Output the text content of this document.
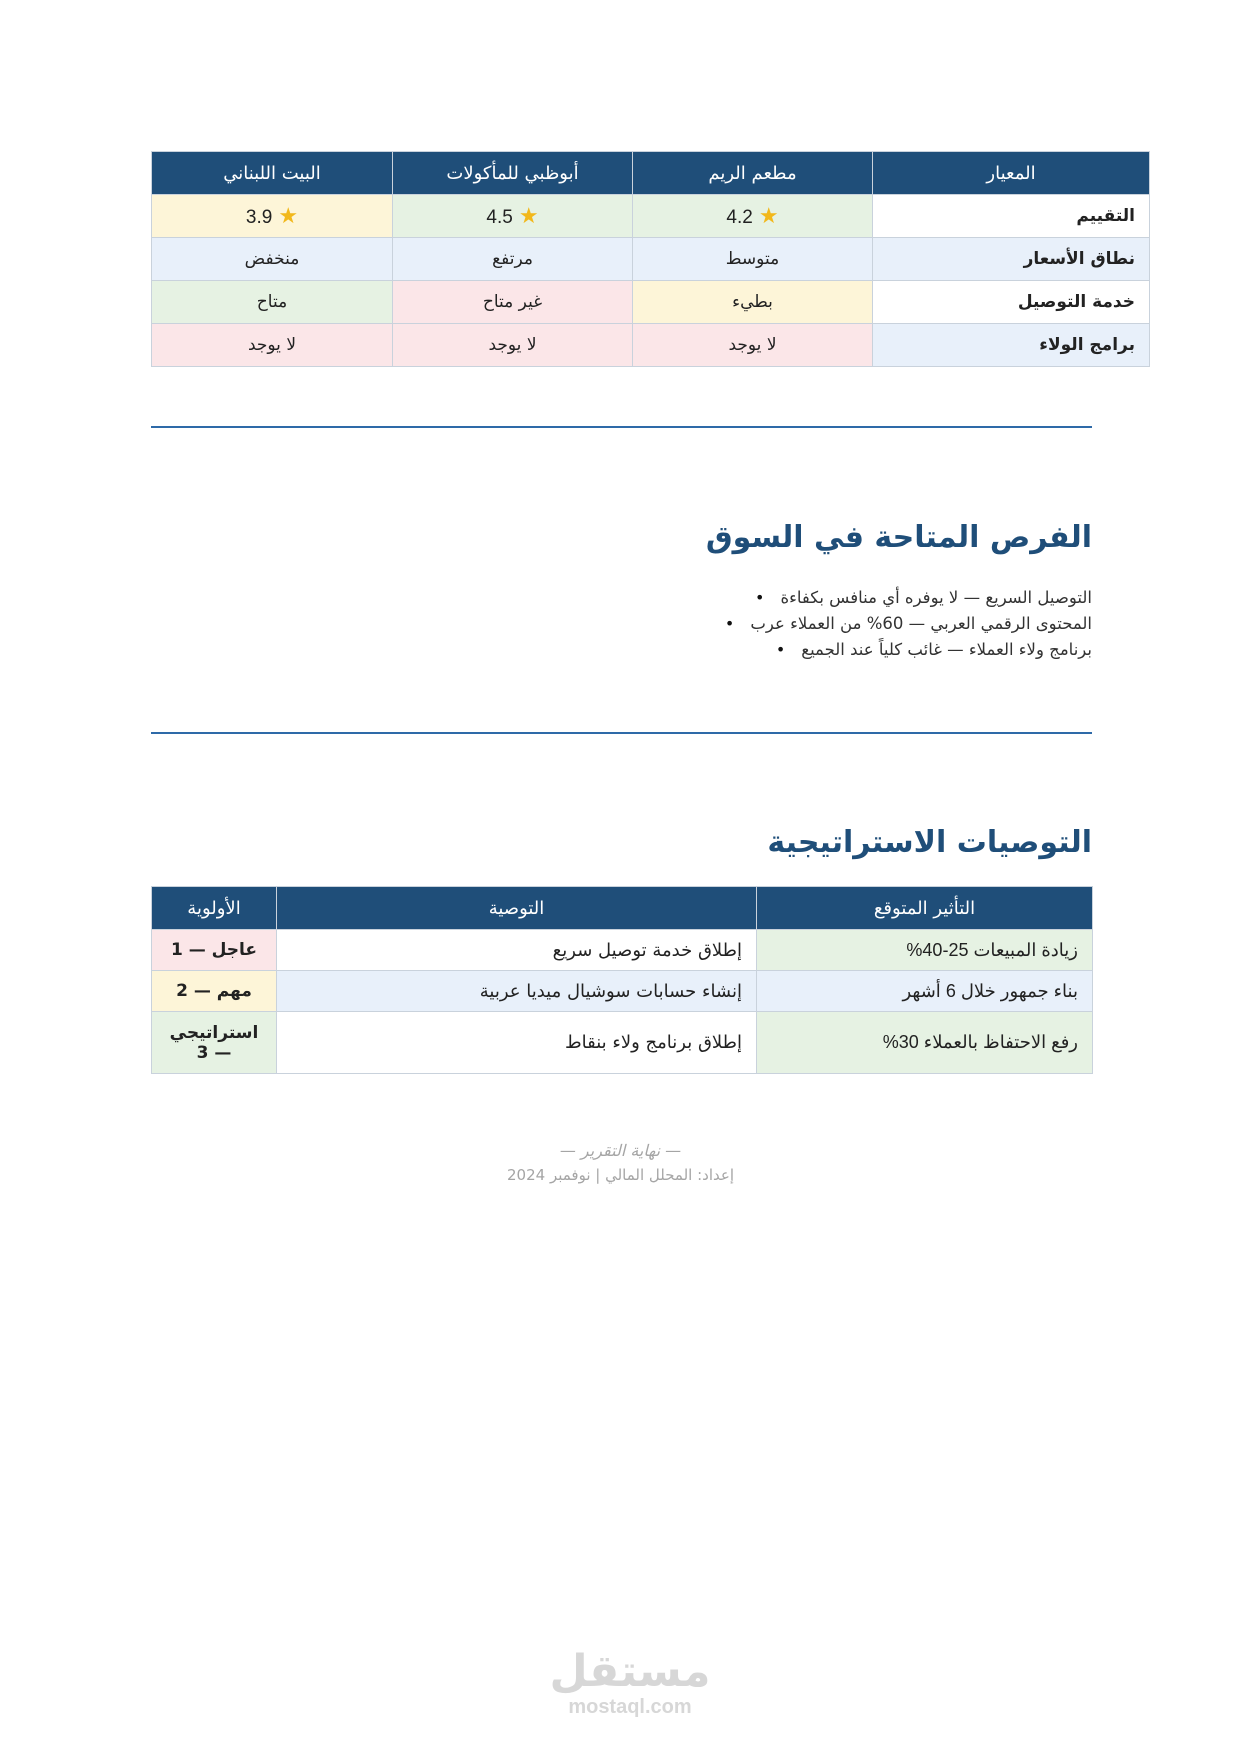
المعيار	مطعم الريم	أبوظبي للمأكولات	البيت اللبناني
التقييم	★4.2	★4.5	★3.9
نطاق الأسعار	متوسط	مرتفع	منخفض
خدمة التوصيل	بطيء	غير متاح	متاح
برامج الولاء	لا يوجد	لا يوجد	لا يوجد
الفرص المتاحة في السوق
التوصيل السريع — لا يوفره أي منافس بكفاءة•
المحتوى الرقمي العربي — 60% من العملاء عرب•
برنامج ولاء العملاء — غائب كلياً عند الجميع•
التوصيات الاستراتيجية
التأثير المتوقع	التوصية	الأولوية
زيادة المبيعات 25-40%	إطلاق خدمة توصيل سريع	عاجل — 1
بناء جمهور خلال 6 أشهر	إنشاء حسابات سوشيال ميديا عربية	مهم — 2
رفع الاحتفاظ بالعملاء 30%	إطلاق برنامج ولاء بنقاط	استراتيجي — 3
— نهاية التقرير —
إعداد: المحلل المالي | نوفمبر 2024
مستقل
mostaql.com
